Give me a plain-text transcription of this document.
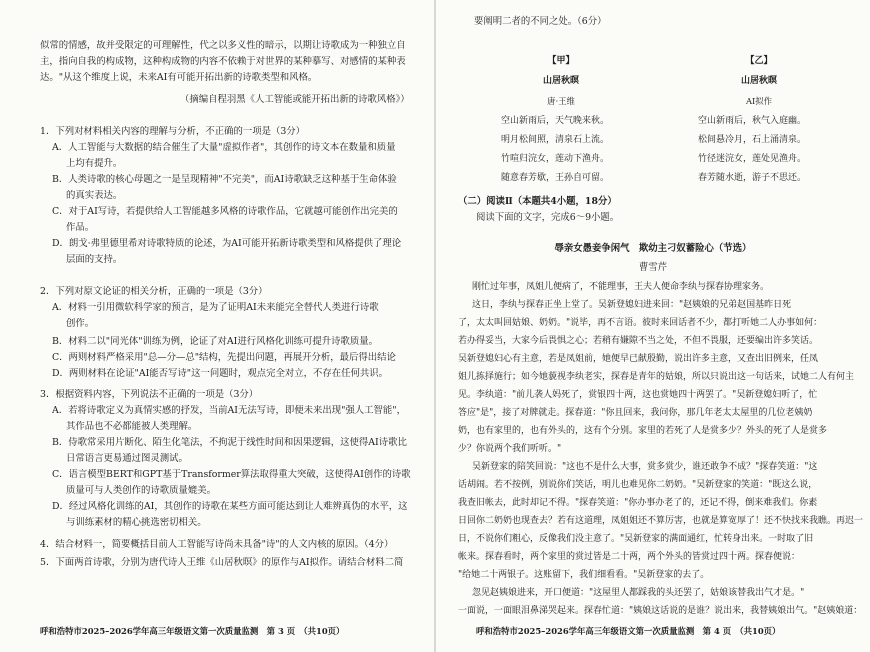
似常的情感，故并受限定的可理解性，代之以多义性的暗示，以期让诗歌成为一种独立自
主，指向自我的构成物，这种构成物的内容不依赖于对世界的某种摹写、对感情的某种表
达。"从这个维度上说，未来AI有可能开拓出新的诗歌类型和风格。
（摘编自程羽黑《人工智能或能开拓出新的诗歌风格》）
1．下列对材料相关内容的理解与分析，不正确的一项是（3分）
A．人工智能与大数据的结合催生了大量"虚拟作者"，其创作的诗文本在数量和质量
上均有提升。
B．人类诗歌的核心母题之一是呈现精神"不完美"，而AI诗歌缺乏这种基于生命体验
的真实表达。
C．对于AI写诗，若提供给人工智能越多风格的诗歌作品，它就越可能创作出完美的
作品。
D．朗戈·弗里德里希对诗歌特质的论述，为AI可能开拓新诗歌类型和风格提供了理论
层面的支持。
2．下列对原文论证的相关分析，正确的一项是（3分）
A．材料一引用微软科学家的预言，是为了证明AI未来能完全替代人类进行诗歌
创作。
B．材料二以"同光体"训练为例，论证了对AI进行风格化训练可提升诗歌质量。
C．两则材料严格采用"总—分—总"结构，先提出问题，再展开分析，最后得出结论
D．两则材料在论证"AI能否写诗"这一问题时，观点完全对立，不存在任何共识。
3．根据资料内容，下列说法不正确的一项是（3分）
A．若将诗歌定义为真情实感的抒发，当前AI无法写诗，即便未来出现"强人工智能"，
其作品也不必都能被人类理解。
B．侍歌常采用片断化、陌生化笔法，不拘泥于线性时间和因果逻辑，这使得AI诗歌比
日常语言更易通过图灵测试。
C．语言模型BERT和GPT基于Transformer算法取得重大突破，这使得AI创作的诗歌
质量可与人类创作的诗歌质量媲美。
D．经过风格化训练的AI，其创作的诗歌在某些方面可能达到让人难辨真伪的水平，这
与训练素材的精心挑选密切相关。
4．结合材料一，简要概括目前人工智能写诗尚未具备"诗"的人文内核的原因。（4分）
5．下面两首诗歌，分别为唐代诗人王维《山居秋暝》的原作与AI拟作。请结合材料二简
呼和浩特市2025–2026学年高三年级语文第一次质量监测　第 3 页　（共10页）
要阐明二者的不同之处。（6分）
【甲】
山居秋暝
唐·王维
空山新雨后，天气晚来秋。
明月松间照，清泉石上流。
竹喧归浣女，莲动下渔舟。
随意春芳歇，王孙自可留。
【乙】
山居秋暝
AI拟作
空山新雨后，秋气入庭幽。
松间悬冷月，石上涌清泉。
竹径迷浣女，莲处见渔舟。
春芳随水逝，游子不思还。
（二）阅读Ⅱ（本题共4小题，18分）
阅读下面的文字，完成6～9小题。
辱亲女愚妾争闲气　欺幼主刁奴蓄险心（节选）
曹雪芹
刚忙过年事，凤姐儿便病了，不能理事，王夫人便命李纨与探春协理家务。
这日，李纨与探春正坐上堂了。吴新登媳妇进来回："赵姨娘的兄弟赵国基昨日死
了，太太叫回姑娘、奶奶。"说毕，再不言语。彼时来回话者不少，都打听她二人办事如何：
若办得妥当，大家今后畏惧之心；若稍有嫌隙不当之处，不但不畏服，还要编出许多笑话。
吴新登媳妇心有主意，若是凤姐前，她便早已献殷勤，说出许多主意，又查出旧例来，任凤
姐儿拣择施行；如今她藐视李纨老实，探春是青年的姑娘，所以只说出这一句话来，试她二人有何主
见。李纨道："前儿袭人妈死了，赏银四十两，这也赏她四十两罢了。"吴新登媳妇听了，忙
答应"是"，接了对牌就走。探春道："你且回来，我问你，那几年老太太屋里的几位老姨奶
奶，也有家里的，也有外头的，这有个分别。家里的若死了人是赏多少？外头的死了人是赏多
少？你说两个我们听听。"
吴新登家的陪笑回说："这也不是什么大事，赏多赏少，谁还敢争不成？"探春笑道："这
话胡闹。若不按例，别说你们笑话，明儿也难见你二奶奶。"吴新登家的笑道："既这么说，
我查旧帐去，此时却记不得。"探春笑道："你办事办老了的，还记不得，倒来难我们。你素
日回你二奶奶也现查去？若有这道理，凤姐姐还不算厉害，也就是算宽厚了！还不快找来我瞧。再迟一
日，不说你们粗心，反像我们没主意了。"吴新登家的满面通红，忙转身出来。一时取了旧
帐来。探春看时，两个家里的赏过皆是二十两，两个外头的皆赏过四十两。探春便说：
"给她二十两银子。这账留下，我们细看看。"吴新登家的去了。
忽见赵姨娘进来，开口便道："这屋里人都踩我的头还罢了，姑娘该替我出气才是。"
一面说，一面眼泪鼻涕哭起来。探春忙道："姨娘这话说的是谁？说出来，我替姨娘出气。"赵姨娘道：
呼和浩特市2025–2026学年高三年级语文第一次质量监测　第 4 页　（共10页）
